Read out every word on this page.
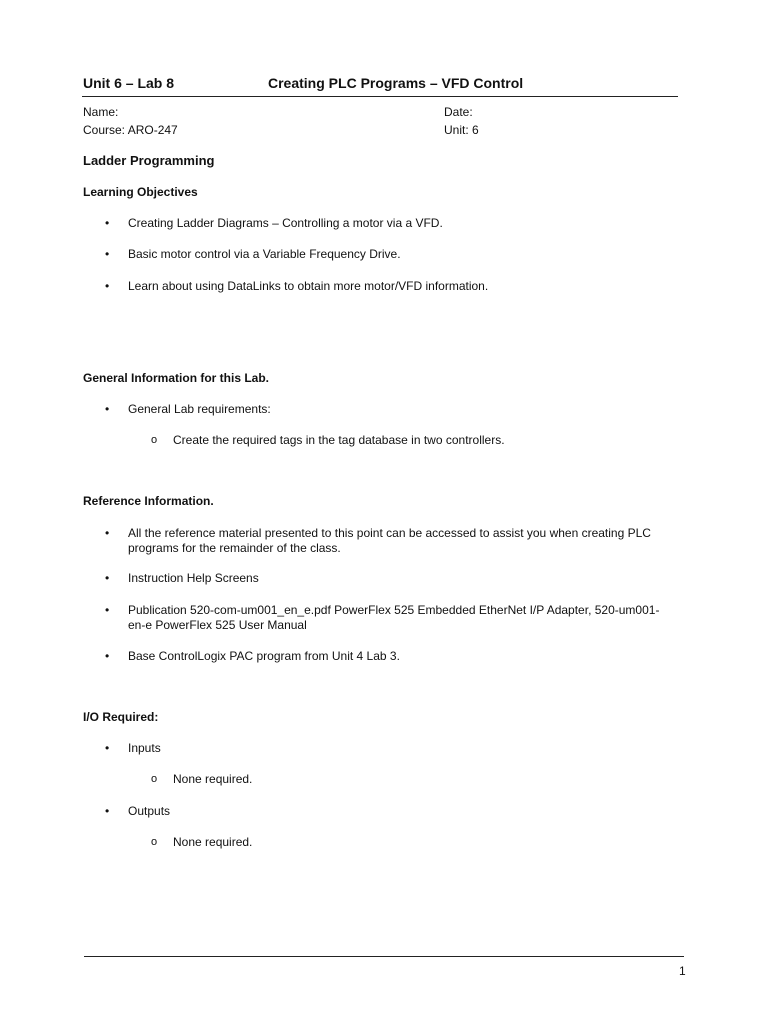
Unit 6 – Lab 8	Creating PLC Programs – VFD Control
Name:	Date:
Course: ARO-247	Unit: 6
Ladder Programming
Learning Objectives
• Creating Ladder Diagrams – Controlling a motor via a VFD.
• Basic motor control via a Variable Frequency Drive.
• Learn about using DataLinks to obtain more motor/VFD information.
General Information for this Lab.
• General Lab requirements:
o Create the required tags in the tag database in two controllers.
Reference Information.
• All the reference material presented to this point can be accessed to assist you when creating PLC
programs for the remainder of the class.
• Instruction Help Screens
• Publication 520-com-um001_en_e.pdf PowerFlex 525 Embedded EtherNet I/P Adapter, 520-um001-
en-e PowerFlex 525 User Manual
• Base ControlLogix PAC program from Unit 4 Lab 3.
I/O Required:
• Inputs
o None required.
• Outputs
o None required.
1
